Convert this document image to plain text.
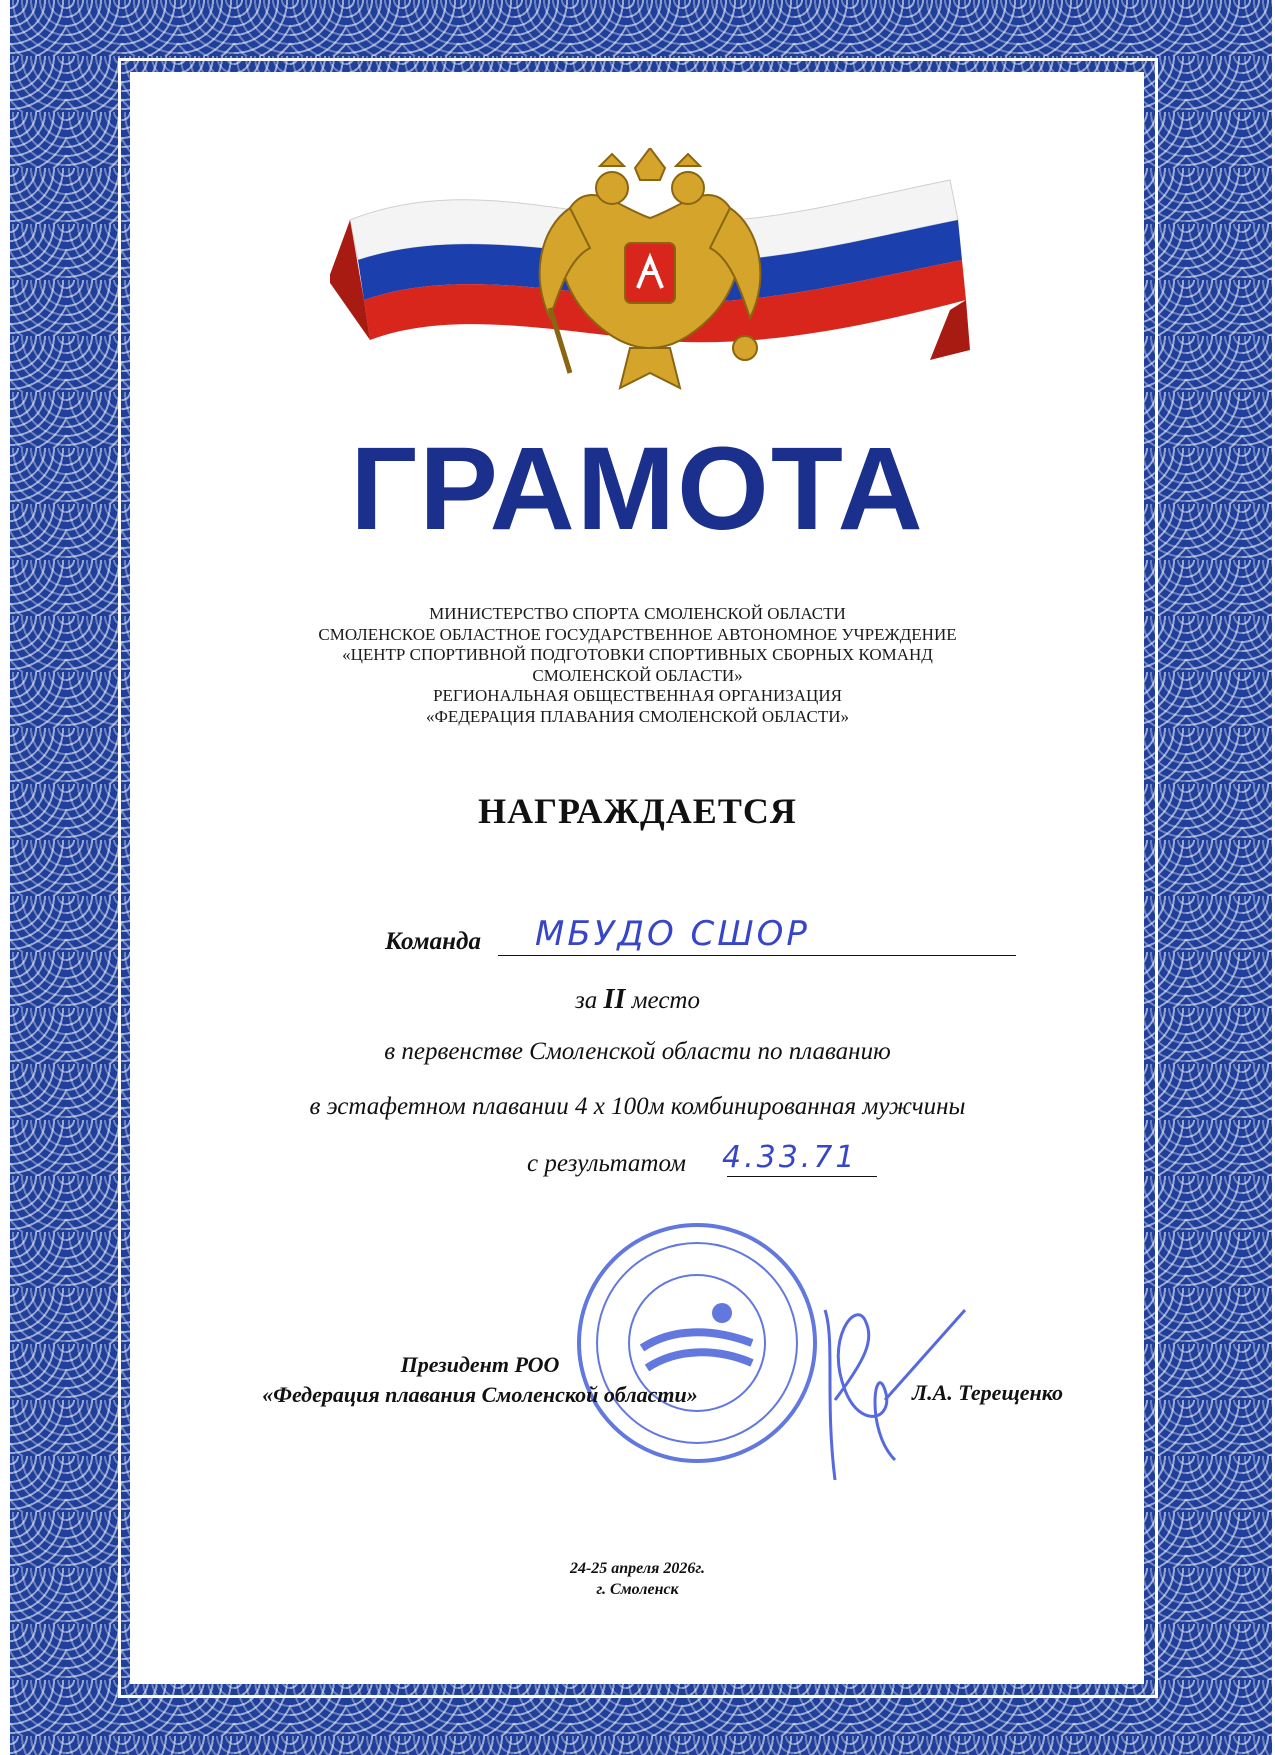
ГРАМОТА
МИНИСТЕРСТВО СПОРТА СМОЛЕНСКОЙ ОБЛАСТИ
СМОЛЕНСКОЕ ОБЛАСТНОЕ ГОСУДАРСТВЕННОЕ АВТОНОМНОЕ УЧРЕЖДЕНИЕ
«ЦЕНТР СПОРТИВНОЙ ПОДГОТОВКИ СПОРТИВНЫХ СБОРНЫХ КОМАНД
СМОЛЕНСКОЙ ОБЛАСТИ»
РЕГИОНАЛЬНАЯ ОБЩЕСТВЕННАЯ ОРГАНИЗАЦИЯ
«ФЕДЕРАЦИЯ ПЛАВАНИЯ СМОЛЕНСКОЙ ОБЛАСТИ»
НАГРАЖДАЕТСЯ
Команда МБУДО СШОР
за II место
в первенстве Смоленской области по плаванию
в эстафетном плавании 4 х 100м комбинированная мужчины
с результатом 4.33.71
Президент РОО
«Федерация плавания Смоленской области»	Л.А. Терещенко
24-25 апреля 2026г.
г. Смоленск
